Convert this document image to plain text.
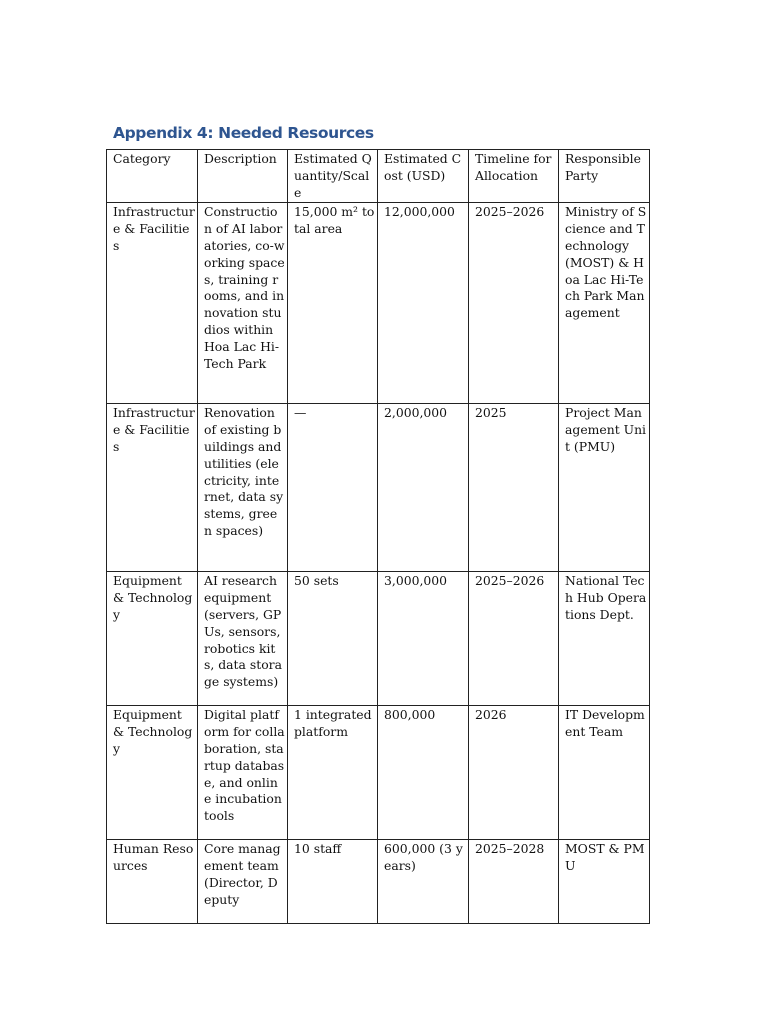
Appendix 4: Needed Resources
Category	Description	Estimated Quantity/Scale	Estimated Cost (USD)	Timeline for Allocation	Responsible Party
Infrastructure & Facilities	Construction of AI laboratories, co-working spaces, training rooms, and innovation studios within Hoa Lac Hi-Tech Park	15,000 m² total area	12,000,000	2025–2026	Ministry of Science and Technology (MOST) & Hoa Lac Hi-Tech Park Management
Infrastructure & Facilities	Renovation of existing buildings and utilities (electricity, internet, data systems, green spaces)	—	2,000,000	2025	Project Management Unit (PMU)
Equipment & Technology	AI research equipment (servers, GPUs, sensors, robotics kits, data storage systems)	50 sets	3,000,000	2025–2026	National Tech Hub Operations Dept.
Equipment & Technology	Digital platform for collaboration, startup database, and online incubation tools	1 integrated platform	800,000	2026	IT Development Team
Human Resources	Core management team (Director, Deputy	10 staff	600,000 (3 years)	2025–2028	MOST & PMU
